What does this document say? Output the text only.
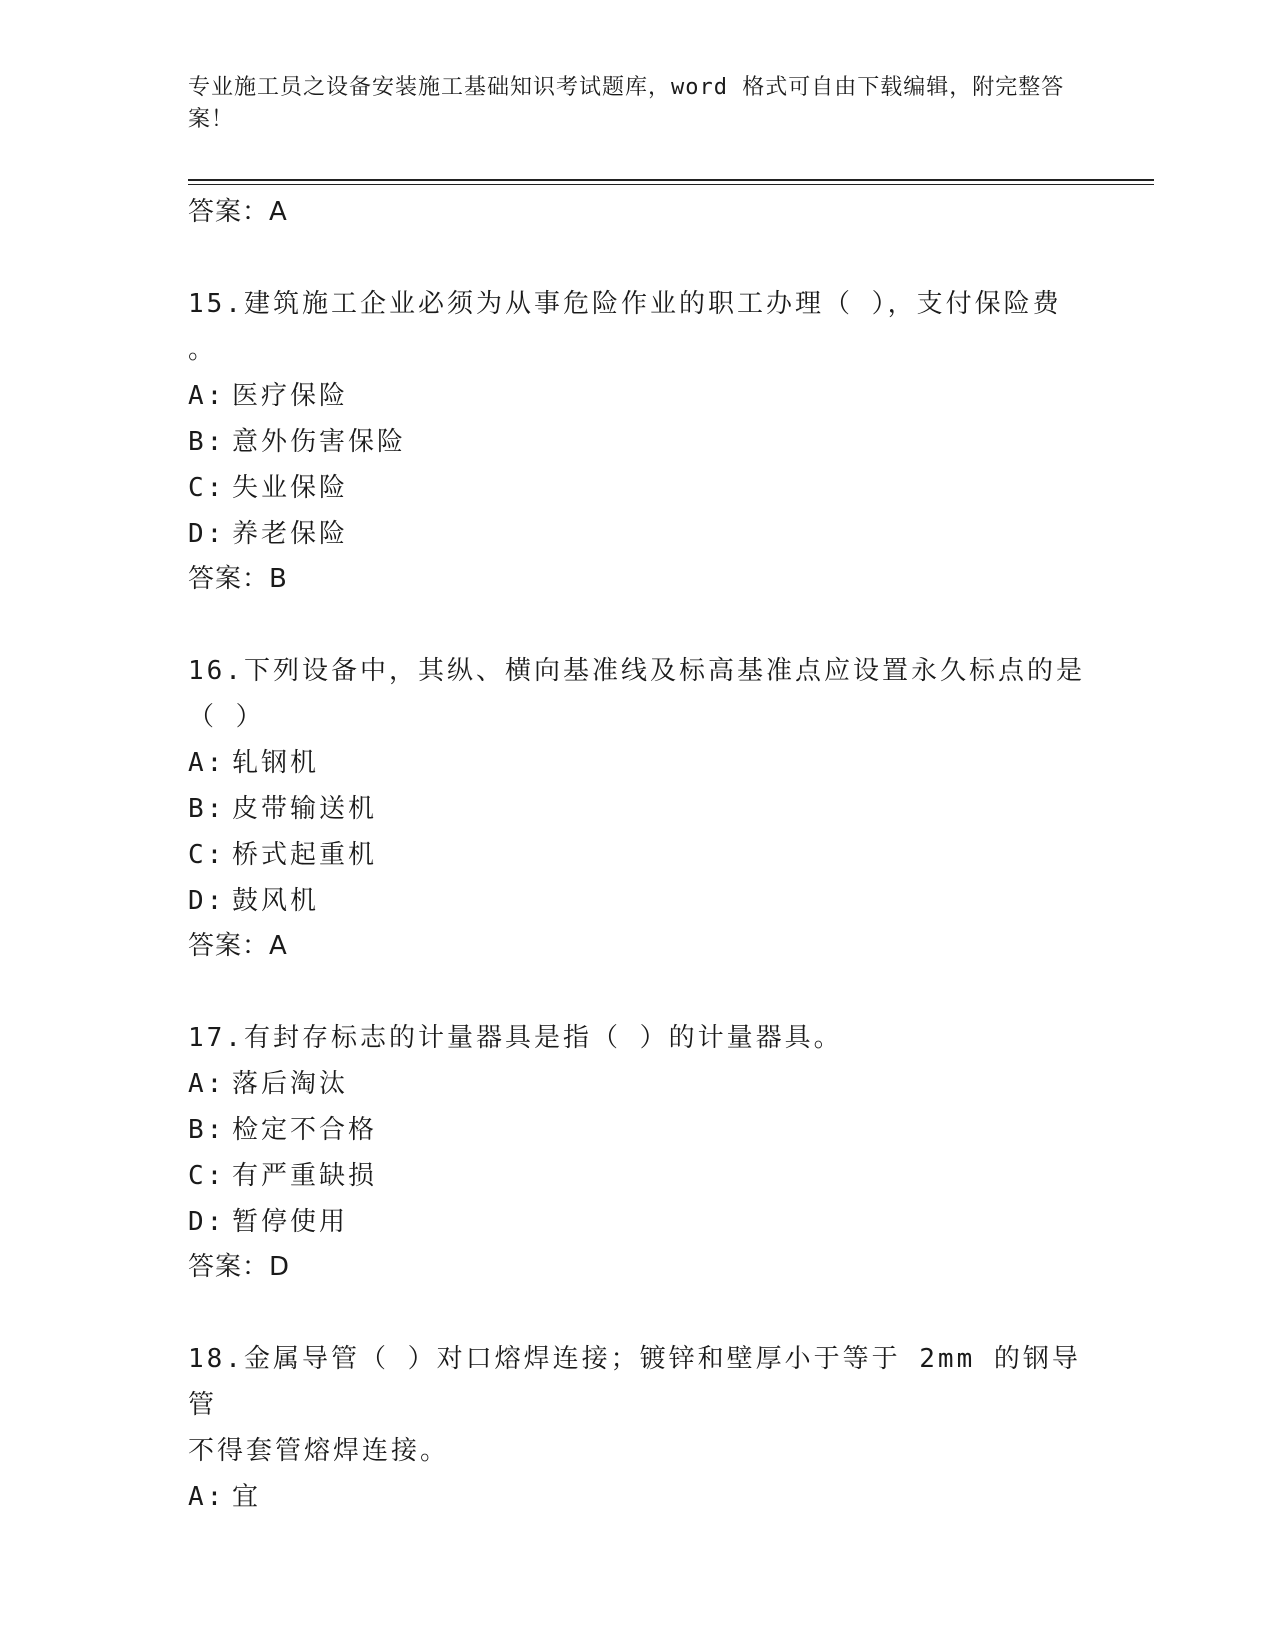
专业施工员之设备安装施工基础知识考试题库，word 格式可自由下载编辑，附完整答案！
答案：A
15.建筑施工企业必须为从事危险作业的职工办理（ ），支付保险费
。
A: 医疗保险
B: 意外伤害保险
C: 失业保险
D: 养老保险
答案：B
16.下列设备中，其纵、横向基准线及标高基准点应设置永久标点的是
（ ）
A: 轧钢机
B: 皮带输送机
C: 桥式起重机
D: 鼓风机
答案：A
17.有封存标志的计量器具是指（ ）的计量器具。
A: 落后淘汰
B: 检定不合格
C: 有严重缺损
D: 暂停使用
答案：D
18.金属导管（ ）对口熔焊连接；镀锌和壁厚小于等于 2mm 的钢导管
不得套管熔焊连接。
A: 宜
